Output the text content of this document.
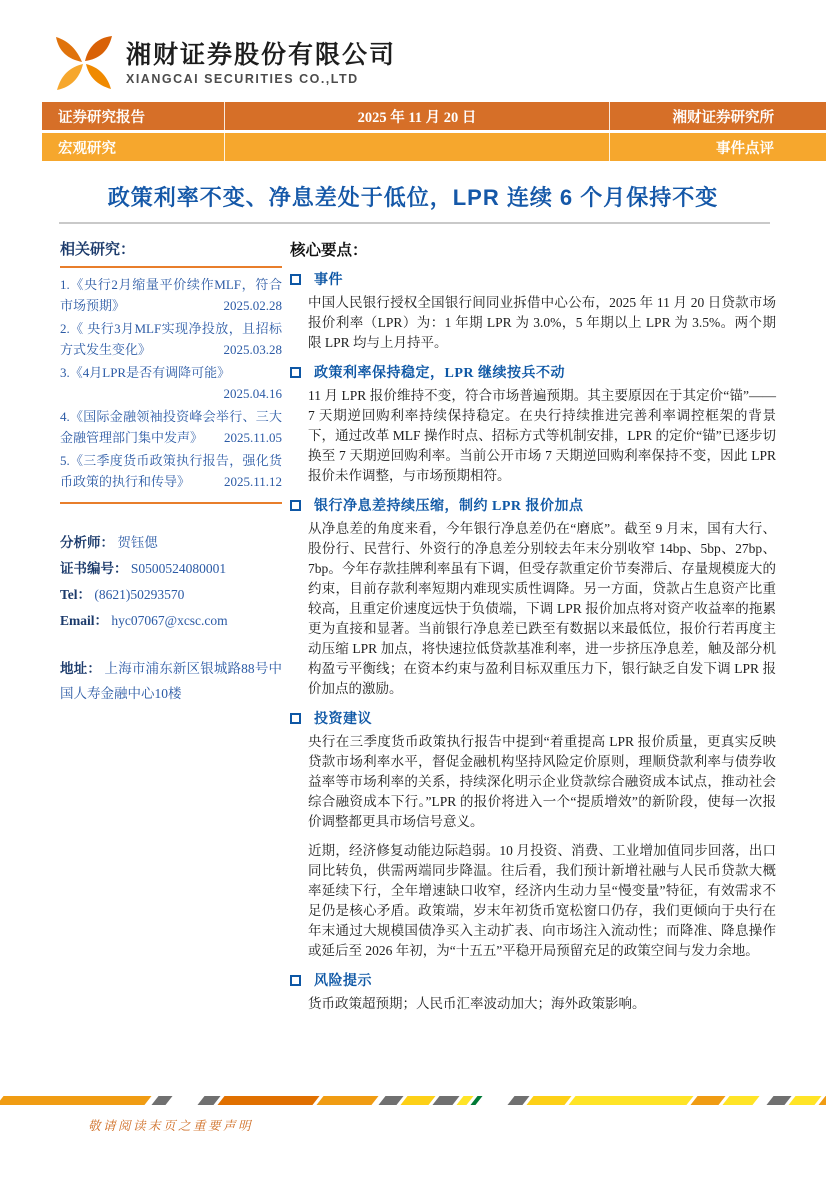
湘财证券股份有限公司
XIANGCAI SECURITIES CO.,LTD
证券研究报告	2025 年 11 月 20 日	湘财证券研究所
宏观研究	事件点评
政策利率不变、净息差处于低位，LPR 连续 6 个月保持不变
相关研究：
1.《央行2月缩量平价续作MLF，符合市场预期》	2025.02.28
2.《 央行3月MLF实现净投放，且招标方式发生变化》	2025.03.28
3.《4月LPR是否有调降可能》
2025.04.16
4.《国际金融领袖投资峰会举行、三大金融管理部门集中发声》 2025.11.05
5.《三季度货币政策执行报告，强化货币政策的执行和传导》	2025.11.12
分析师： 贺钰偲
证书编号： S0500524080001
Tel： (8621)50293570
Email： hyc07067@xcsc.com
地址： 上海市浦东新区银城路88号中国人寿金融中心10楼
核心要点：
事件

中国人民银行授权全国银行间同业拆借中心公布，2025 年 11 月 20 日贷款市场报价利率（LPR）为：1 年期 LPR 为 3.0%，5 年期以上 LPR 为 3.5%。两个期限 LPR 均与上月持平。

政策利率保持稳定，LPR 继续按兵不动

11 月 LPR 报价维持不变，符合市场普遍预期。其主要原因在于其定价“锚”——7 天期逆回购利率持续保持稳定。在央行持续推进完善利率调控框架的背景下，通过改革 MLF 操作时点、招标方式等机制安排，LPR 的定价“锚”已逐步切换至 7 天期逆回购利率。当前公开市场 7 天期逆回购利率保持不变，因此 LPR 报价未作调整，与市场预期相符。

银行净息差持续压缩，制约 LPR 报价加点

从净息差的角度来看，今年银行净息差仍在“磨底”。截至 9 月末，国有大行、股份行、民营行、外资行的净息差分别较去年末分别收窄 14bp、5bp、27bp、7bp。今年存款挂牌利率虽有下调，但受存款重定价节奏滞后、存量规模庞大的约束，目前存款利率短期内难现实质性调降。另一方面，贷款占生息资产比重较高，且重定价速度远快于负债端，下调 LPR 报价加点将对资产收益率的拖累更为直接和显著。当前银行净息差已跌至有数据以来最低位，报价行若再度主动压缩 LPR 加点，将快速拉低贷款基准利率，进一步挤压净息差，触及部分机构盈亏平衡线；在资本约束与盈利目标双重压力下，银行缺乏自发下调 LPR 报价加点的激励。

投资建议

央行在三季度货币政策执行报告中提到“着重提高 LPR 报价质量，更真实反映贷款市场利率水平，督促金融机构坚持风险定价原则，理顺贷款利率与债券收益率等市场利率的关系，持续深化明示企业贷款综合融资成本试点，推动社会综合融资成本下行。”LPR 的报价将进入一个“提质增效”的新阶段，使每一次报价调整都更具市场信号意义。

近期，经济修复动能边际趋弱。10 月投资、消费、工业增加值同步回落，出口同比转负，供需两端同步降温。往后看，我们预计新增社融与人民币贷款大概率延续下行，全年增速缺口收窄，经济内生动力呈“慢变量”特征，有效需求不足仍是核心矛盾。政策端，岁末年初货币宽松窗口仍存，我们更倾向于央行在年末通过大规模国债净买入主动扩表、向市场注入流动性；而降准、降息操作或延后至 2026 年初，为“十五五”平稳开局预留充足的政策空间与发力余地。

风险提示

货币政策超预期；人民币汇率波动加大；海外政策影响。

敬请阅读末页之重要声明
